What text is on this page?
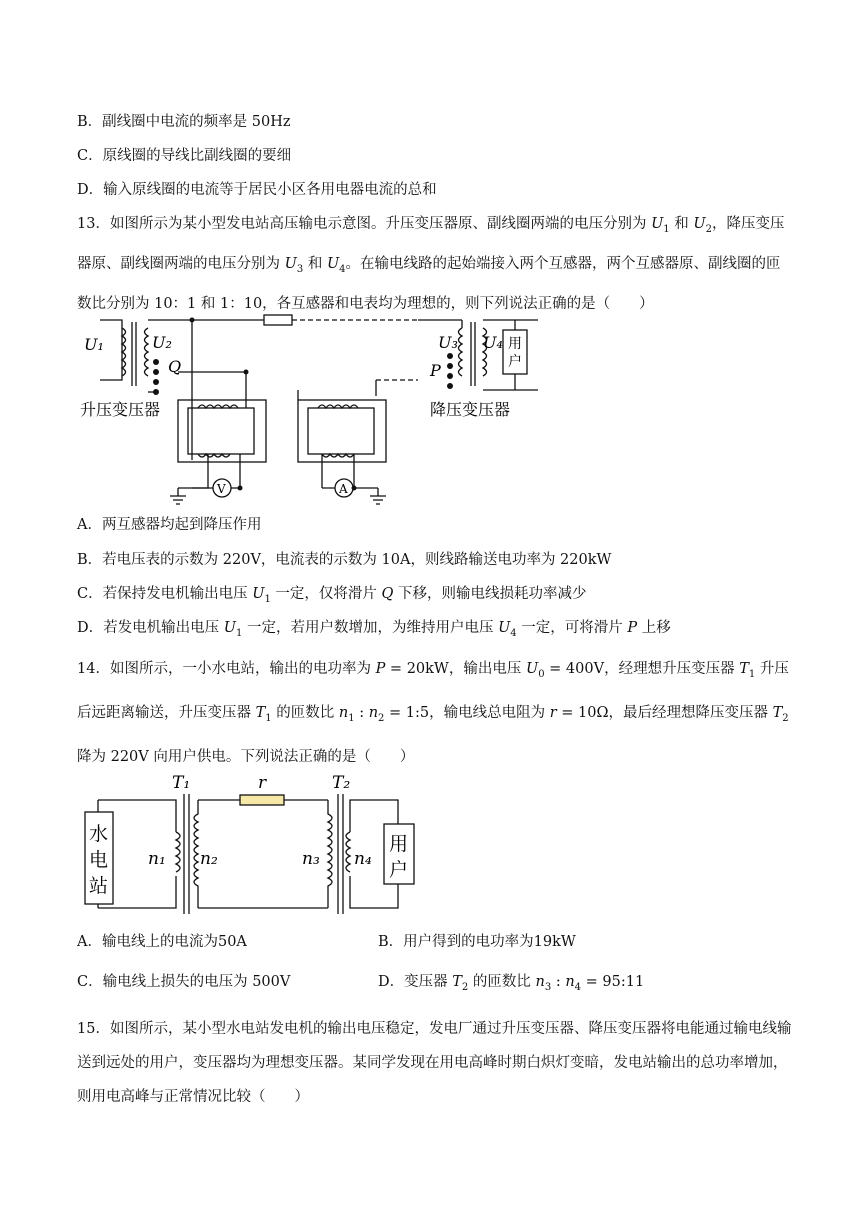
B．副线圈中电流的频率是 50Hz
C．原线圈的导线比副线圈的要细
D．输入原线圈的电流等于居民小区各用电器电流的总和
13．如图所示为某小型发电站高压输电示意图。升压变压器原、副线圈两端的电压分别为 $U_1$ 和 $U_2$，降压变压器原、副线圈两端的电压分别为 $U_3$ 和 $U_4$。在输电线路的起始端接入两个互感器，两个互感器原、副线圈的匝数比分别为 10：1 和 1：10，各互感器和电表均为理想的，则下列说法正确的是（　　）
U₁	U₂
Q	P
U₃ U₄ 用
户
V	A
升压变压器	降压变压器
A．两互感器均起到降压作用
B．若电压表的示数为 220V，电流表的示数为 10A，则线路输送电功率为 220kW
C．若保持发电机输出电压 $U_1$ 一定，仅将滑片 Q 下移，则输电线损耗功率减少
D．若发电机输出电压 $U_1$ 一定，若用户数增加，为维持用户电压 $U_4$ 一定，可将滑片 P 上移
14．如图所示，一小水电站，输出的电功率为 P = 20kW，输出电压 $U_0 = 400V$，经理想升压变压器 $T_1$ 升压后远距离输送，升压变压器 $T_1$ 的匝数比 $n_1$ : $n_2$ = 1:5，输电线总电阻为 r = 10Ω，最后经理想降压变压器 $T_2$ 降为 220V 向用户供电。下列说法正确的是（　　）
T₁	T₂
r
n₁ n₂	n₃ n₄
水
电
站
用
户
A．输电线上的电流为50A	B．用户得到的电功率为19kW
C．输电线上损失的电压为 500V	D．变压器 $T_2$ 的匝数比 $n_3$ : $n_4$ = 95:11
15．如图所示，某小型水电站发电机的输出电压稳定，发电厂通过升压变压器、降压变压器将电能通过输电线输送到远处的用户，变压器均为理想变压器。某同学发现在用电高峰时期白炽灯变暗，发电站输出的总功率增加，则用电高峰与正常情况比较（　　）
